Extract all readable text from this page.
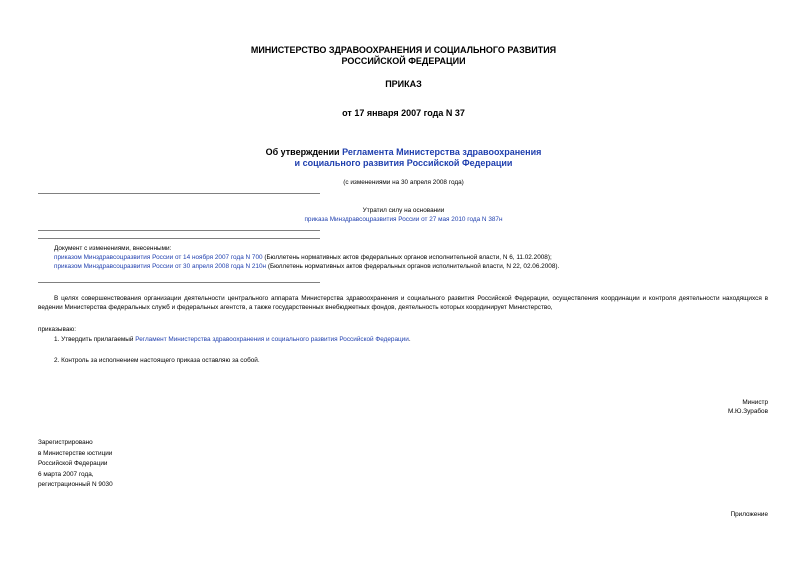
МИНИСТЕРСТВО ЗДРАВООХРАНЕНИЯ И СОЦИАЛЬНОГО РАЗВИТИЯ
РОССИЙСКОЙ ФЕДЕРАЦИИ
ПРИКАЗ
от 17 января 2007 года N 37
Об утверждении Регламента Министерства здравоохранения
и социального развития Российской Федерации
(с изменениями на 30 апреля 2008 года)
Утратил силу на основании
приказа Минздравсоцразвития России от 27 мая 2010 года N 387н
Документ с изменениями, внесенными:
приказом Минздравсоцразвития России от 14 ноября 2007 года N 700 (Бюллетень нормативных актов федеральных органов исполнительной власти, N 6, 11.02.2008);
приказом Минздравсоцразвития России от 30 апреля 2008 года N 210н (Бюллетень нормативных актов федеральных органов исполнительной власти, N 22, 02.06.2008).
В целях совершенствования организации деятельности центрального аппарата Министерства здравоохранения и социального развития Российской Федерации, осуществления координации и контроля деятельности находящихся в ведении Министерства федеральных служб и федеральных агентств, а также государственных внебюджетных фондов, деятельность которых координирует Министерство,
приказываю:
1. Утвердить прилагаемый Регламент Министерства здравоохранения и социального развития Российской Федерации.
2. Контроль за исполнением настоящего приказа оставляю за собой.
Министр
М.Ю.Зурабов
Зарегистрировано
в Министерстве юстиции
Российской Федерации
6 марта 2007 года,
регистрационный N 9030
Приложение
